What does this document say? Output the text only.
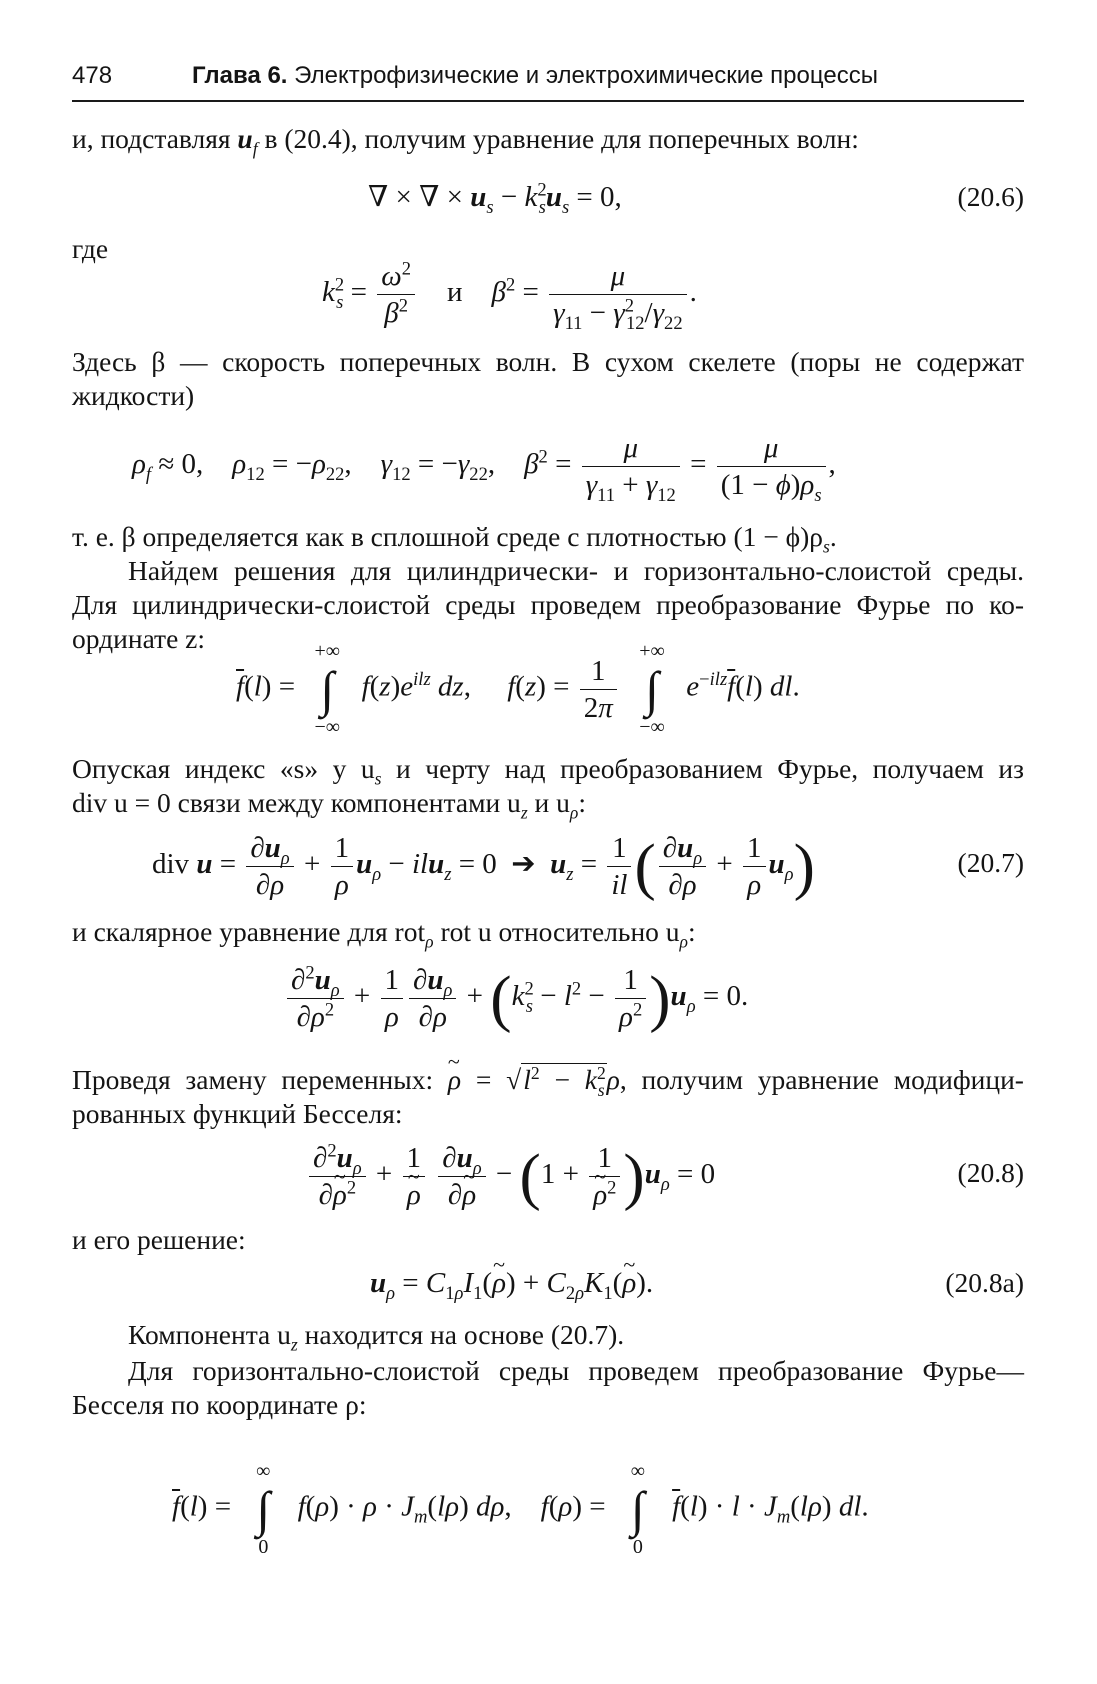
478	Глава 6. Электрофизические и электрохимические процессы
и, подставляя $u_f$ в (20.4), получим уравнение для поперечных волн:
∇ × ∇ × $u_s - k^2_su_s = 0$,	(20.6)
где
$k^2_s = \frac{\omega^2}{\beta^2}$ и $\beta^2 = \frac{\mu}{\gamma_{11} - \gamma^2_{12}/\gamma_{22}}$ .
Здесь β — скорость поперечных волн. В сухом скелете (поры не содержат
жидкости)
$\rho_f \approx 0$,    $\rho_{12} = -\rho_{22}$,    $\gamma_{12} = -\gamma_{22}$,    $\beta^2 = \frac{\mu}{\gamma_{11} + \gamma_{12}} = \frac{\mu}{(1 - \phi)\rho_s}$ ,
т. е. β определяется как в сплошной среде с плотностью $(1 - \phi)\rho_s$.
Найдем решения для цилиндрически- и горизонтально-слоистой среды.
Для цилиндрически-слоистой среды проведем преобразование Фурье по ко-
ординате z:
$\overline{f}(l)$ =
+∞
∫
−∞
$f(z)e^{ilz}$ dz,     $f(z) = \frac{1}{2\pi}$

+∞
∫
−∞
$e^{-ilz}\overline{f}(l)$ dl.
Опуская индекс «s» у $u_s$ и черту над преобразованием Фурье, получаем из
div u = 0 связи между компонентами $u_z$ и $u_\rho$:
div $u = \frac{\partial u_\rho}{\partial\rho} + \frac{1}{\rho} u_\rho - ilu_z = 0$  ➔  $u_z = \frac{1}{il}$ ( $\frac{\partial u_\rho}{\partial\rho} + \frac{1}{\rho} u_\rho$)	(20.7)
и скалярное уравнение для rot$_\rho$ rot u относительно $u_\rho$:
$\frac{\partial^2u_\rho}{\partial\rho^2} + \frac{1}{\rho} \frac{\partial u_\rho}{\partial\rho} + (k^2_s - l^2 - \frac{1}{\rho^2} )u_\rho = 0$.
Проведя замену переменных: ~ $\rho = √l^2 - k^2_s\rho$, получим уравнение модифици-
рованных функций Бесселя:
$\frac{\partial^2u_\rho}{\partial\sim \rho^2} + 1$
~ ρ
$\frac{\partial u_\rho}{\partial\sim \rho} - (1 + 1$
~ $\rho^2$ )$u_\rho = 0$	(20.8)
и его решение:
$u_\rho$ = $C_{1\rho}I_1(\sim$ $\rho) + C_{2\rho}K_1(\sim$ ρ).	(20.8a)
Компонента $u_z$ находится на основе (20.7).
Для горизонтально-слоистой среды проведем преобразование Фурье—
Бесселя по координате ρ:
$\overline{f}(l)$ =
∞
∫
0
$f(\rho) \cdot \rho \cdot J_m(l\rho)$ dρ,    f(ρ) =
∞
∫
0
$\overline{f}(l) \cdot l \cdot J_m(l\rho)$ dl.
